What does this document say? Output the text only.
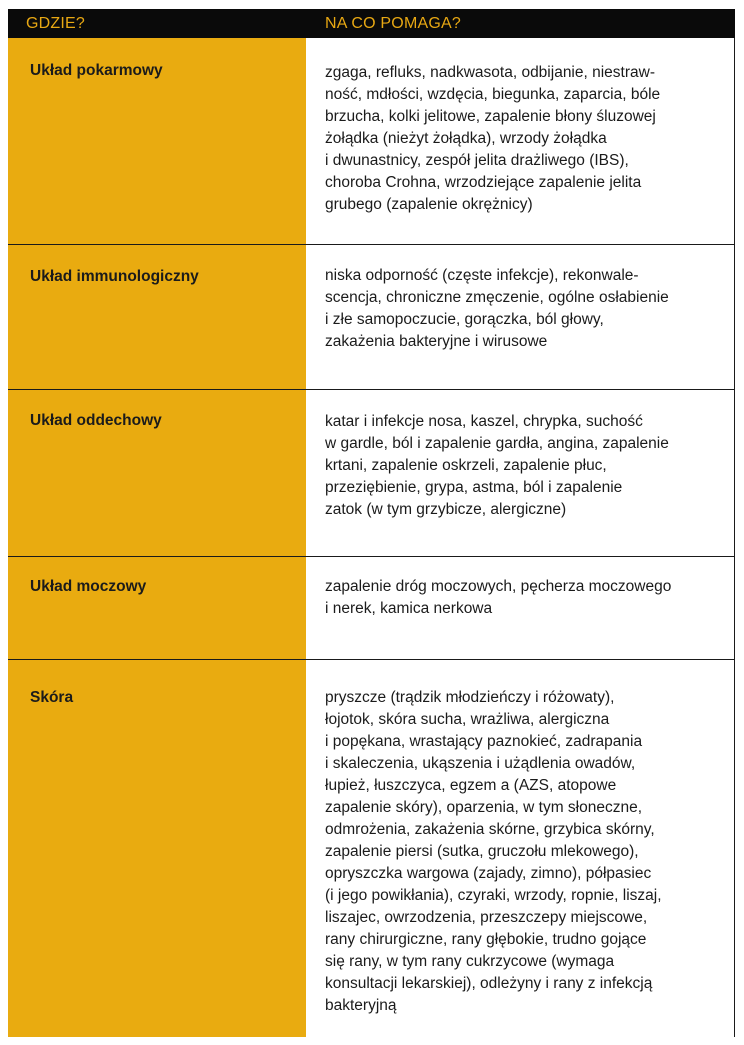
GDZIE?	NA CO POMAGA?
Układ pokarmowy	zgaga, refluks, nadkwasota, odbijanie, niestraw-
ność, mdłości, wzdęcia, biegunka, zaparcia, bóle
brzucha, kolki jelitowe, zapalenie błony śluzowej
żołądka (nieżyt żołądka), wrzody żołądka
i dwunastnicy, zespół jelita drażliwego (IBS),
choroba Crohna, wrzodziejące zapalenie jelita
grubego (zapalenie okrężnicy)
Układ immunologiczny	niska odporność (częste infekcje), rekonwale-
scencja, chroniczne zmęczenie, ogólne osłabienie
i złe samopoczucie, gorączka, ból głowy,
zakażenia bakteryjne i wirusowe
Układ oddechowy	katar i infekcje nosa, kaszel, chrypka, suchość
w gardle, ból i zapalenie gardła, angina, zapalenie
krtani, zapalenie oskrzeli, zapalenie płuc,
przeziębienie, grypa, astma, ból i zapalenie
zatok (w tym grzybicze, alergiczne)
Układ moczowy	zapalenie dróg moczowych, pęcherza moczowego
i nerek, kamica nerkowa
Skóra	pryszcze (trądzik młodzieńczy i różowaty),
łojotok, skóra sucha, wrażliwa, alergiczna
i popękana, wrastający paznokieć, zadrapania
i skaleczenia, ukąszenia i użądlenia owadów,
łupież, łuszczyca, egzem a (AZS, atopowe
zapalenie skóry), oparzenia, w tym słoneczne,
odmrożenia, zakażenia skórne, grzybica skórny,
zapalenie piersi (sutka, gruczołu mlekowego),
opryszczka wargowa (zajady, zimno), półpasiec
(i jego powikłania), czyraki, wrzody, ropnie, liszaj,
liszajec, owrzodzenia, przeszczepy miejscowe,
rany chirurgiczne, rany głębokie, trudno gojące
się rany, w tym rany cukrzycowe (wymaga
konsultacji lekarskiej), odleżyny i rany z infekcją
bakteryjną
